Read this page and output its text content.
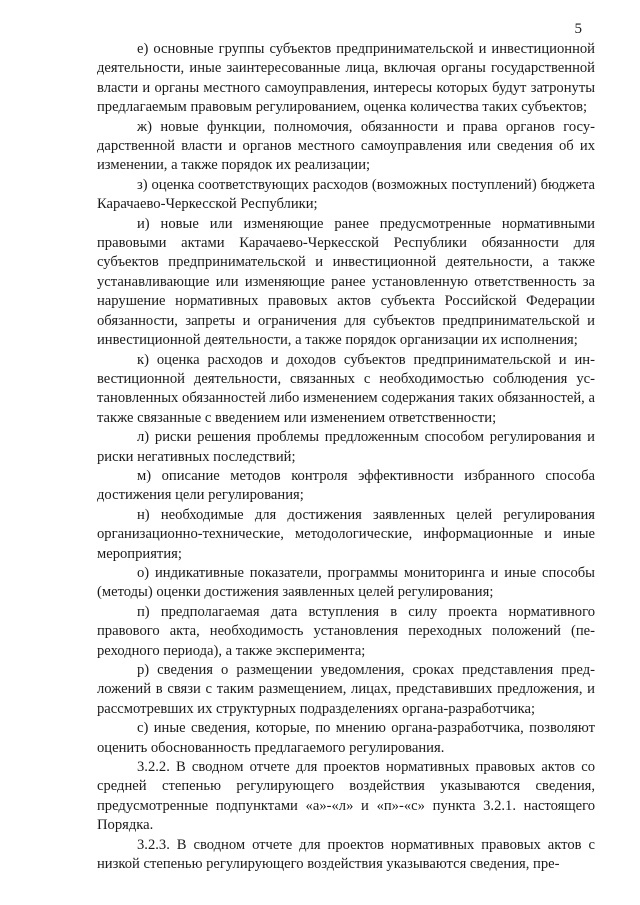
5

е) основные группы субъектов предпринимательской и инвестиционной деятельности, иные заинтересованные лица, включая органы государственной власти и органы местного самоуправления, интересы которых будут затронуты предлагаемым правовым регулированием, оценка количества таких субъектов;

ж) новые функции, полномочия, обязанности и права органов государственной власти и органов местного самоуправления или сведения об их изменении, а также порядок их реализации;

з) оценка соответствующих расходов (возможных поступлений) бюджета Карачаево-Черкесской Республики;

и) новые или изменяющие ранее предусмотренные нормативными правовыми актами Карачаево-Черкесской Республики обязанности для субъектов предпринимательской и инвестиционной деятельности, а также устанавливающие или изменяющие ранее установленную ответственность за нарушение нормативных правовых актов субъекта Российской Федерации обязанности, запреты и ограничения для субъектов предпринимательской и инвестиционной деятельности, а также порядок организации их исполнения;

к) оценка расходов и доходов субъектов предпринимательской и инвестиционной деятельности, связанных с необходимостью соблюдения установленных обязанностей либо изменением содержания таких обязанностей, а также связанные с введением или изменением ответственности;

л) риски решения проблемы предложенным способом регулирования и риски негативных последствий;

м) описание методов контроля эффективности избранного способа достижения цели регулирования;

н) необходимые для достижения заявленных целей регулирования организационно-технические, методологические, информационные и иные мероприятия;

о) индикативные показатели, программы мониторинга и иные способы (методы) оценки достижения заявленных целей регулирования;

п) предполагаемая дата вступления в силу проекта нормативного правового акта, необходимость установления переходных положений (переходного периода), а также эксперимента;

р) сведения о размещении уведомления, сроках представления предложений в связи с таким размещением, лицах, представивших предложения, и рассмотревших их структурных подразделениях органа-разработчика;

с) иные сведения, которые, по мнению органа-разработчика, позволяют оценить обоснованность предлагаемого регулирования.

3.2.2. В сводном отчете для проектов нормативных правовых актов со средней степенью регулирующего воздействия указываются сведения, предусмотренные подпунктами «а»-«л» и «п»-«с» пункта 3.2.1. настоящего Порядка.

3.2.3. В сводном отчете для проектов нормативных правовых актов с низкой степенью регулирующего воздействия указываются сведения, пре-
